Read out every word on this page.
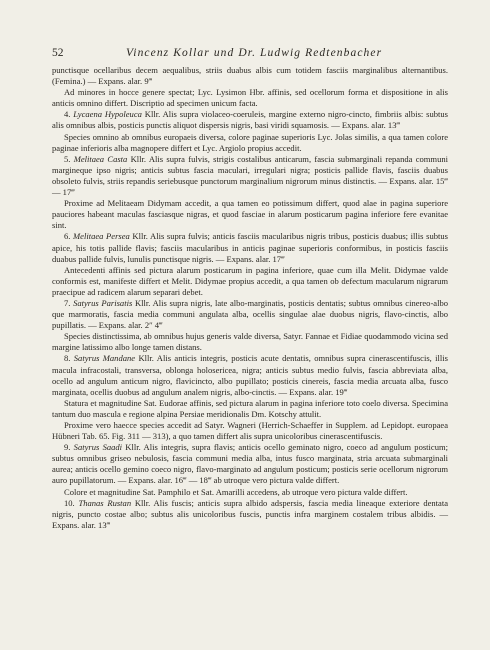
52	Vincenz Kollar und Dr. Ludwig Redtenbacher

punctisque ocellaribus decem aequalibus, striis duabus albis cum totidem fasciis marginalibus alternantibus. (Femina.) — Expans. alar. 9‴

Ad minores in hocce genere spectat; Lyc. Lysimon Hbr. affinis, sed ocellorum forma et dispositione in alis anticis omnino differt. Discriptio ad specimen unicum facta.

4. Lycaena Hypoleuca Kllr. Alis supra violaceo-coeruleis, margine externo nigro-cincto, fimbriis albis: subtus alis omnibus albis, posticis punctis aliquot dispersis nigris, basi viridi squamosis. — Expans. alar. 13‴

Species omnino ab omnibus europaeis diversa, colore paginae superioris Lyc. Jolas similis, a qua tamen colore paginae inferioris alba magnopere differt et Lyc. Argiolo propius accedit.

5. Melitaea Casta Kllr. Alis supra fulvis, strigis costalibus anticarum, fascia submarginali repanda communi margineque ipso nigris; anticis subtus fascia maculari, irregulari nigra; posticis pallide flavis, fasciis duabus obsoleto fulvis, striis repandis seriebusque punctorum marginalium nigrorum minus distinctis. — Expans. alar. 15‴ — 17‴

Proxime ad Melitaeam Didymam accedit, a qua tamen eo potissimum differt, quod alae in pagina superiore pauciores habeant maculas fasciasque nigras, et quod fasciae in alarum posticarum pagina inferiore fere evanitae sint.

6. Melitaea Persea Kllr. Alis supra fulvis; anticis fasciis macularibus nigris tribus, posticis duabus; illis subtus apice, his totis pallide flavis; fasciis macularibus in anticis paginae superioris conformibus, in posticis fasciis duabus pallide fulvis, lunulis punctisque nigris. — Expans. alar. 17‴

Antecedenti affinis sed pictura alarum posticarum in pagina inferiore, quae cum illa Melit. Didymae valde conformis est, manifeste differt et Melit. Didymae propius accedit, a qua tamen ob defectum macularum nigrarum praecipue ad radicem alarum separari debet.

7. Satyrus Parisatis Kllr. Alis supra nigris, late albo-marginatis, posticis dentatis; subtus omnibus cinereo-albo que marmoratis, fascia media communi angulata alba, ocellis singulae alae duobus nigris, flavo-cinctis, albo pupillatis. — Expans. alar. 2″ 4‴

Species distinctissima, ab omnibus hujus generis valde diversa, Satyr. Fannae et Fidiae quodammodo vicina sed margine latissimo albo longe tamen distans.

8. Satyrus Mandane Kllr. Alis anticis integris, posticis acute dentatis, omnibus supra cinerascentifuscis, illis macula infracostali, transversa, oblonga holosericea, nigra; anticis subtus medio fulvis, fascia abbreviata alba, ocello ad angulum anticum nigro, flavicincto, albo pupillato; posticis cinereis, fascia media arcuata alba, fusco marginata, ocellis duobus ad angulum analem nigris, albo-cinctis. — Expans. alar. 19‴

Statura et magnitudine Sat. Eudorae affinis, sed pictura alarum in pagina inferiore toto coelo diversa. Specimina tantum duo mascula e regione alpina Persiae meridionalis Dm. Kotschy attulit.

Proxime vero haecce species accedit ad Satyr. Wagneri (Herrich-Schaeffer in Supplem. ad Lepidopt. europaea Hübneri Tab. 65. Fig. 311 — 313), a quo tamen differt alis supra unicoloribus cinerascentifuscis.

9. Satyrus Saadi Kllr. Alis integris, supra flavis; anticis ocello geminato nigro, coeco ad angulum posticum; subtus omnibus griseo nebulosis, fascia communi media alba, intus fusco marginata, stria arcuata submarginali aurea; anticis ocello gemino coeco nigro, flavo-marginato ad angulum posticum; posticis serie ocellorum nigrorum auro pupillatorum. — Expans. alar. 16‴ — 18‴ ab utroque vero pictura valde differt.

Colore et magnitudine Sat. Pamphilo et Sat. Amarilli accedens, ab utroque vero pictura valde differt.

10. Thanas Rustan Kllr. Alis fuscis; anticis supra albido adspersis, fascia media lineaque exteriore dentata nigris, puncto costae albo; subtus alis unicoloribus fuscis, punctis infra marginem costalem tribus albidis. — Expans. alar. 13‴
